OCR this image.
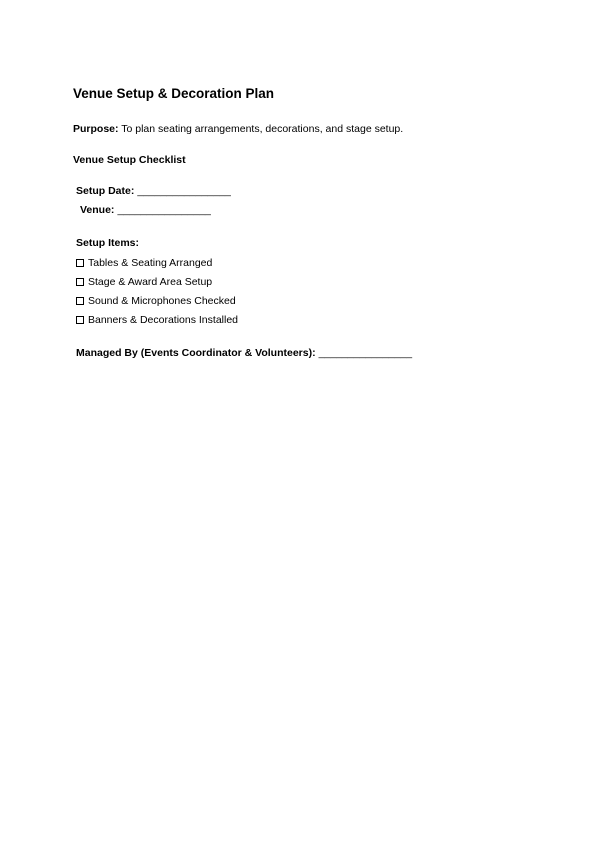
Venue Setup & Decoration Plan
Purpose: To plan seating arrangements, decorations, and stage setup.
Venue Setup Checklist
Setup Date: ________________
Venue: ________________
Setup Items:
Tables & Seating Arranged
Stage & Award Area Setup
Sound & Microphones Checked
Banners & Decorations Installed
Managed By (Events Coordinator & Volunteers): ________________
